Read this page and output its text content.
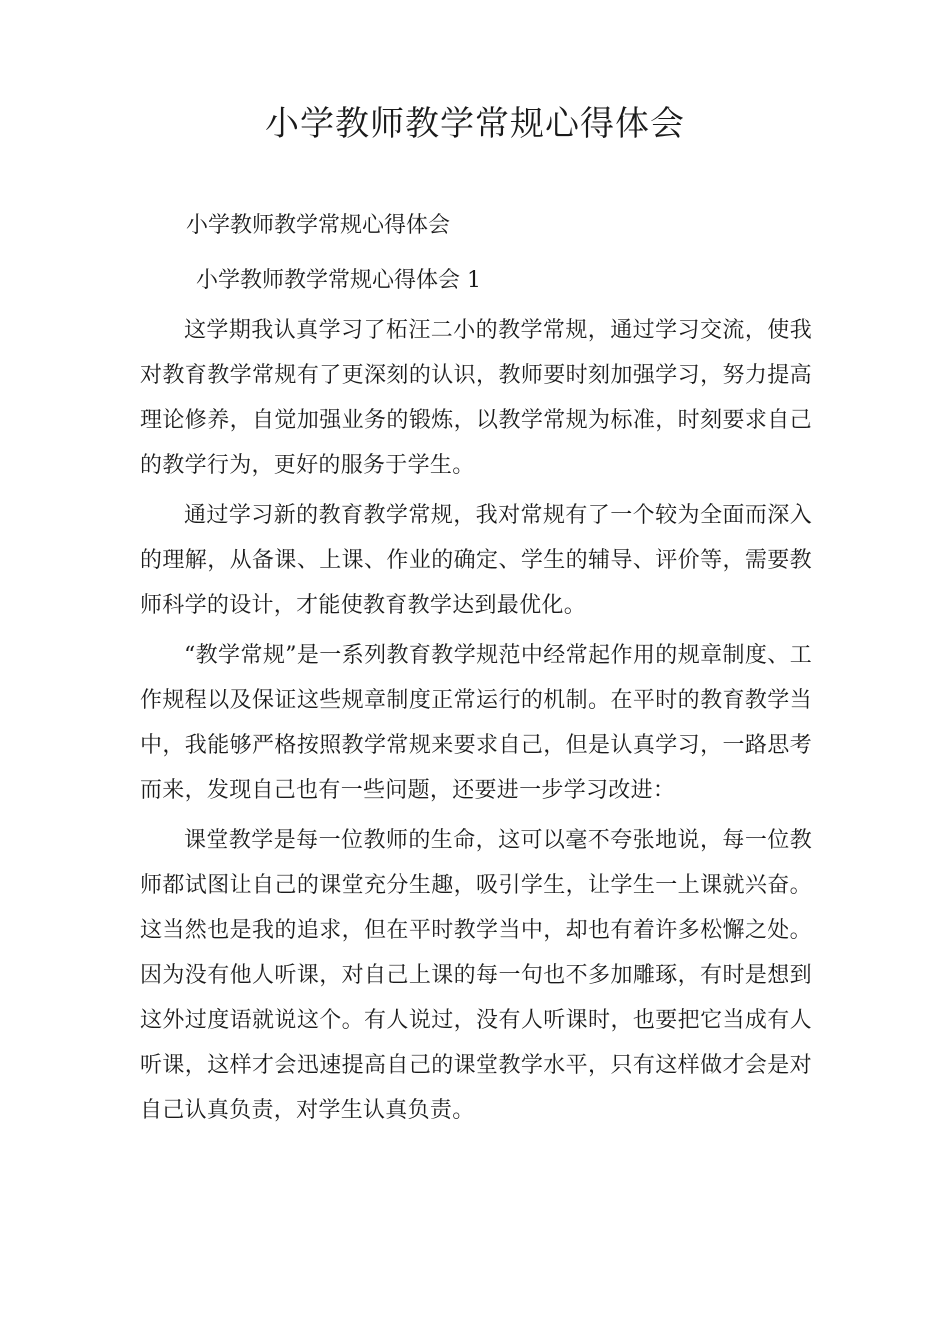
小学教师教学常规心得体会

小学教师教学常规心得体会

小学教师教学常规心得体会 1

这学期我认真学习了柘汪二小的教学常规，通过学习交流，使我对教育教学常规有了更深刻的认识，教师要时刻加强学习，努力提高理论修养，自觉加强业务的锻炼，以教学常规为标准，时刻要求自己的教学行为，更好的服务于学生。

通过学习新的教育教学常规，我对常规有了一个较为全面而深入的理解，从备课、上课、作业的确定、学生的辅导、评价等，需要教师科学的设计，才能使教育教学达到最优化。

“教学常规”是一系列教育教学规范中经常起作用的规章制度、工作规程以及保证这些规章制度正常运行的机制。在平时的教育教学当中，我能够严格按照教学常规来要求自己，但是认真学习，一路思考而来，发现自己也有一些问题，还要进一步学习改进：

课堂教学是每一位教师的生命，这可以毫不夸张地说，每一位教师都试图让自己的课堂充分生趣，吸引学生，让学生一上课就兴奋。这当然也是我的追求，但在平时教学当中，却也有着许多松懈之处。因为没有他人听课，对自己上课的每一句也不多加雕琢，有时是想到这外过度语就说这个。有人说过，没有人听课时，也要把它当成有人听课，这样才会迅速提高自己的课堂教学水平，只有这样做才会是对自己认真负责，对学生认真负责。
